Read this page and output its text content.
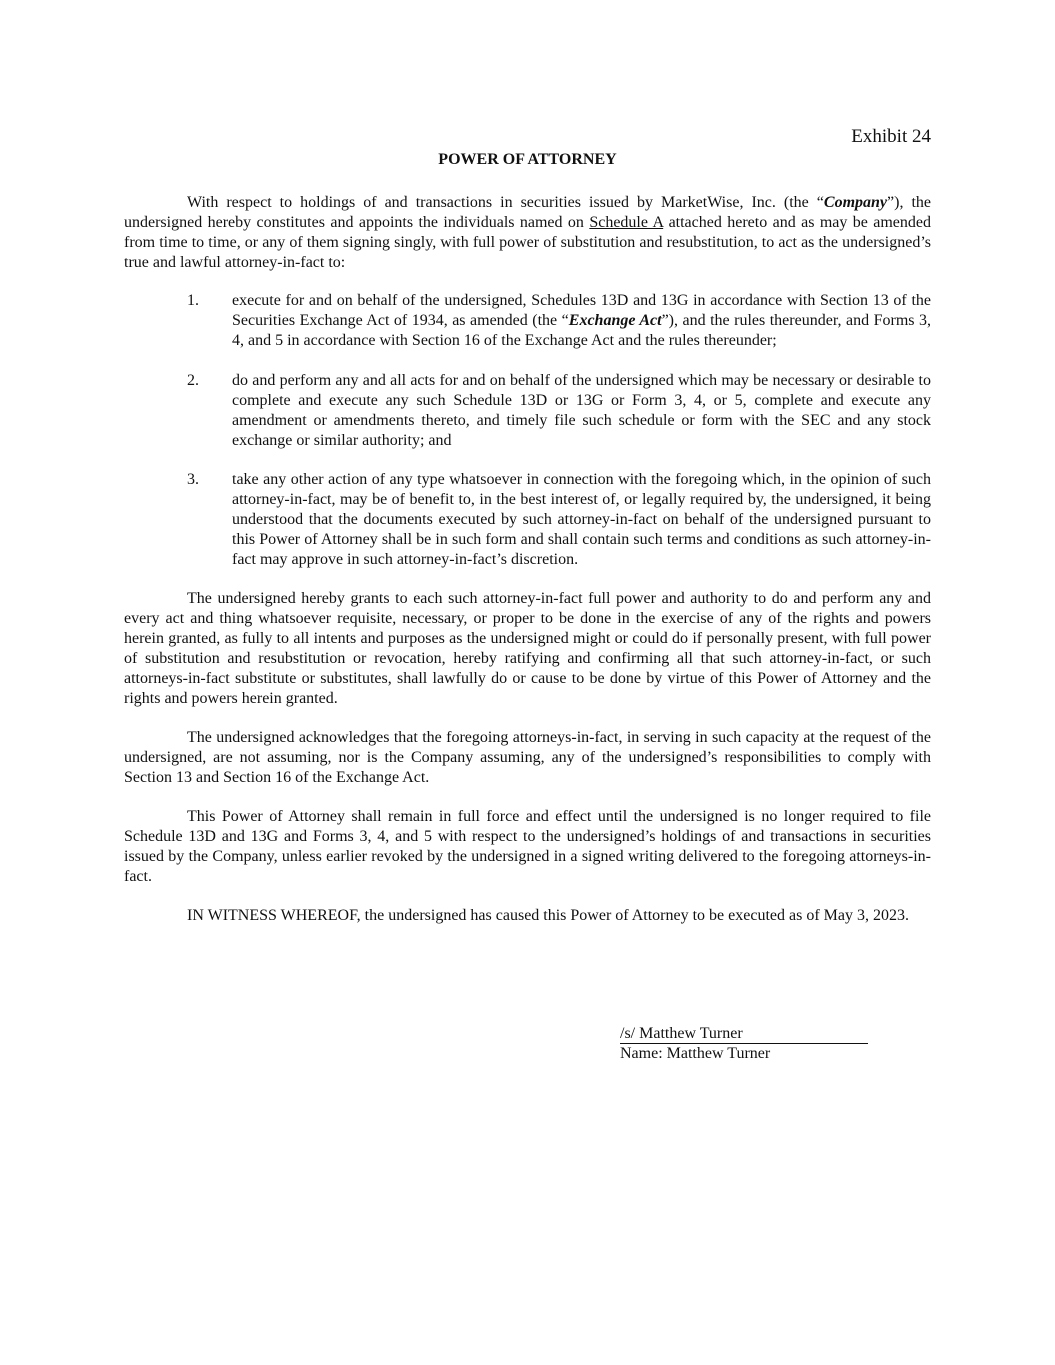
Exhibit 24
POWER OF ATTORNEY

With respect to holdings of and transactions in securities issued by MarketWise, Inc. (the “Company”), the undersigned hereby constitutes and appoints the individuals named on Schedule A attached hereto and as may be amended from time to time, or any of them signing singly, with full power of substitution and resubstitution, to act as the undersigned’s true and lawful attorney-in-fact to:

1. execute for and on behalf of the undersigned, Schedules 13D and 13G in accordance with Section 13 of the Securities Exchange Act of 1934, as amended (the “Exchange Act”), and the rules thereunder, and Forms 3, 4, and 5 in accordance with Section 16 of the Exchange Act and the rules thereunder;
2. do and perform any and all acts for and on behalf of the undersigned which may be necessary or desirable to complete and execute any such Schedule 13D or 13G or Form 3, 4, or 5, complete and execute any amendment or amendments thereto, and timely file such schedule or form with the SEC and any stock exchange or similar authority; and
3. take any other action of any type whatsoever in connection with the foregoing which, in the opinion of such attorney-in-fact, may be of benefit to, in the best interest of, or legally required by, the undersigned, it being understood that the documents executed by such attorney-in-fact on behalf of the undersigned pursuant to this Power of Attorney shall be in such form and shall contain such terms and conditions as such attorney-in-fact may approve in such attorney-in-fact’s discretion.

The undersigned hereby grants to each such attorney-in-fact full power and authority to do and perform any and every act and thing whatsoever requisite, necessary, or proper to be done in the exercise of any of the rights and powers herein granted, as fully to all intents and purposes as the undersigned might or could do if personally present, with full power of substitution and resubstitution or revocation, hereby ratifying and confirming all that such attorney-in-fact, or such attorneys-in-fact substitute or substitutes, shall lawfully do or cause to be done by virtue of this Power of Attorney and the rights and powers herein granted.

The undersigned acknowledges that the foregoing attorneys-in-fact, in serving in such capacity at the request of the undersigned, are not assuming, nor is the Company assuming, any of the undersigned’s responsibilities to comply with Section 13 and Section 16 of the Exchange Act.

This Power of Attorney shall remain in full force and effect until the undersigned is no longer required to file Schedule 13D and 13G and Forms 3, 4, and 5 with respect to the undersigned’s holdings of and transactions in securities issued by the Company, unless earlier revoked by the undersigned in a signed writing delivered to the foregoing attorneys-in-fact.

IN WITNESS WHEREOF, the undersigned has caused this Power of Attorney to be executed as of May 3, 2023.

/s/ Matthew Turner
Name: Matthew Turner
